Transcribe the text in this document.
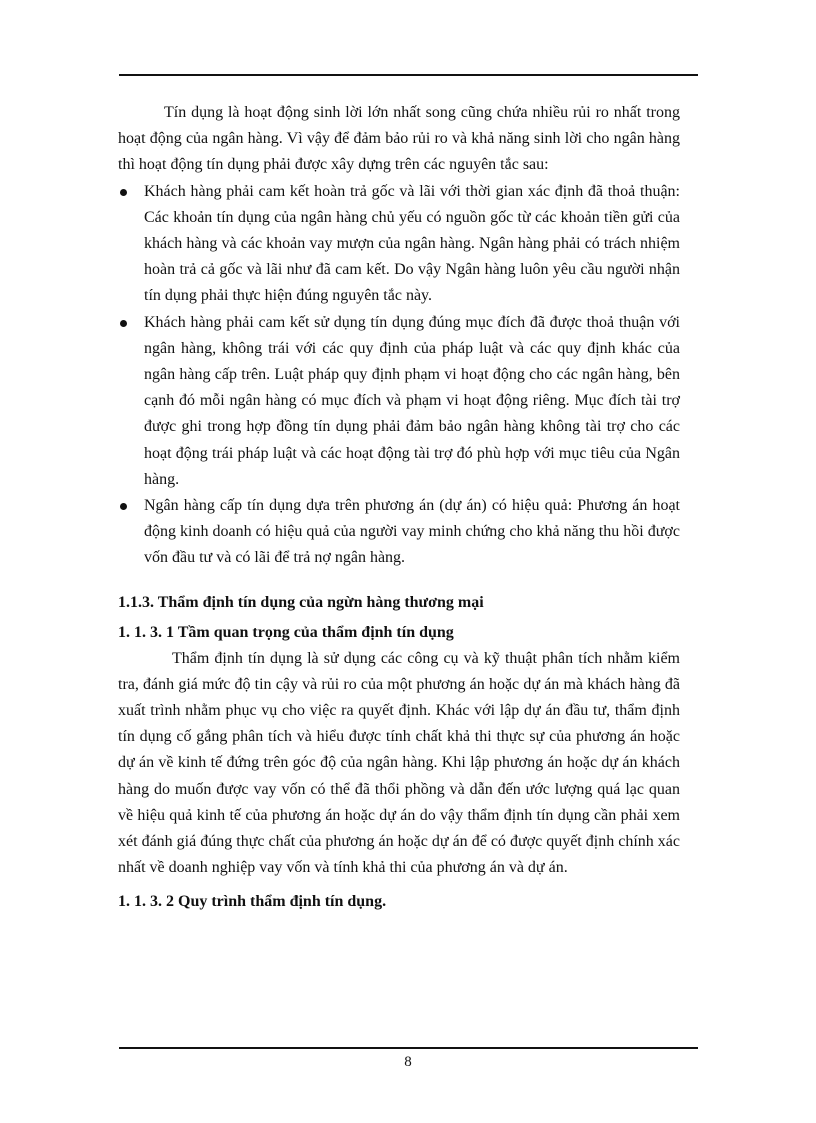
Tín dụng là hoạt động sinh lời lớn nhất song cũng chứa nhiều rủi ro nhất trong hoạt động của ngân hàng. Vì vậy để đảm bảo rủi ro và khả năng sinh lời cho ngân hàng thì hoạt động tín dụng phải được xây dựng trên các nguyên tắc sau:

Khách hàng phải cam kết hoàn trả gốc và lãi với thời gian xác định đã thoả thuận: Các khoản tín dụng của ngân hàng chủ yếu có nguồn gốc từ các khoản tiền gửi của khách hàng và các khoản vay mượn của ngân hàng. Ngân hàng phải có trách nhiệm hoàn trả cả gốc và lãi như đã cam kết. Do vậy Ngân hàng luôn yêu cầu người nhận tín dụng phải thực hiện đúng nguyên tắc này.
Khách hàng phải cam kết sử dụng tín dụng đúng mục đích đã được thoả thuận với ngân hàng, không trái với các quy định của pháp luật và các quy định khác của ngân hàng cấp trên. Luật pháp quy định phạm vi hoạt động cho các ngân hàng, bên cạnh đó mỗi ngân hàng có mục đích và phạm vi hoạt động riêng. Mục đích tài trợ được ghi trong hợp đồng tín dụng phải đảm bảo ngân hàng không tài trợ cho các hoạt động trái pháp luật và các hoạt động tài trợ đó phù hợp với mục tiêu của Ngân hàng.
Ngân hàng cấp tín dụng dựa trên phương án (dự án) có hiệu quả: Phương án hoạt động kinh doanh có hiệu quả của người vay minh chứng cho khả năng thu hồi được vốn đầu tư và có lãi để trả nợ ngân hàng.
1.1.3. Thẩm định tín dụng của ngừn hàng thương mại
1. 1. 3. 1 Tầm quan trọng của thẩm định tín dụng

Thẩm định tín dụng là sử dụng các công cụ và kỹ thuật phân tích nhằm kiểm tra, đánh giá mức độ tin cậy và rủi ro của một phương án hoặc dự án mà khách hàng đã xuất trình nhằm phục vụ cho việc ra quyết định. Khác với lập dự án đầu tư, thẩm định tín dụng cố gắng phân tích và hiểu được tính chất khả thi thực sự của phương án hoặc dự án về kinh tế đứng trên góc độ của ngân hàng. Khi lập phương án hoặc dự án khách hàng do muốn được vay vốn có thể đã thổi phồng và dẫn đến ước lượng quá lạc quan về hiệu quả kinh tế của phương án hoặc dự án do vậy thẩm định tín dụng cần phải xem xét đánh giá đúng thực chất của phương án hoặc dự án để có được quyết định chính xác nhất về doanh nghiệp vay vốn và tính khả thi của phương án và dự án.

1. 1. 3. 2 Quy trình thẩm định tín dụng.
8
